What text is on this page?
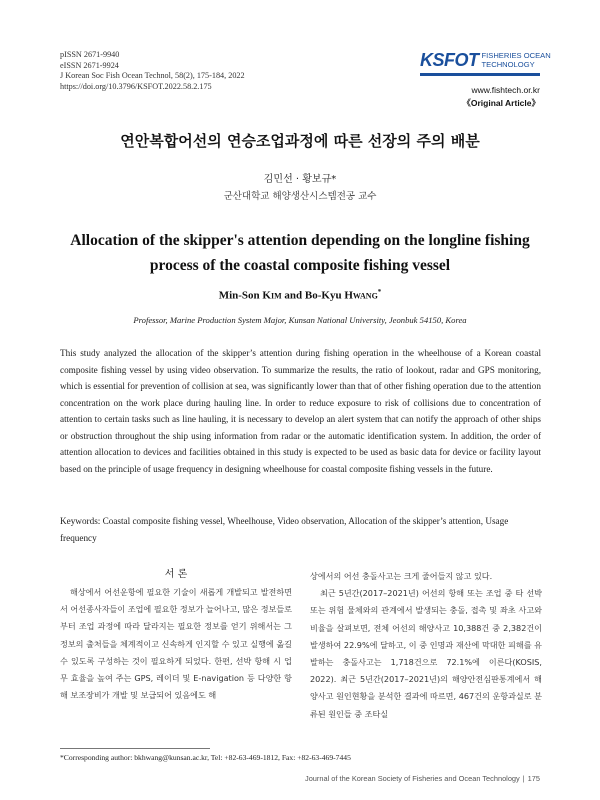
pISSN 2671-9940
eISSN 2671-9924
J Korean Soc Fish Ocean Technol, 58(2), 175-184, 2022
https://doi.org/10.3796/KSFOT.2022.58.2.175
KSFOT FISHERIES OCEAN
TECHNOLOGY
www.fishtech.or.kr
《Original Article》
연안복합어선의 연승조업과정에 따른 선장의 주의 배분
김민선 · 황보규*
군산대학교 해양생산시스템전공 교수
Allocation of the skipper's attention depending on the longline fishing
process of the coastal composite fishing vessel
Min-Son Kim and Bo-Kyu Hwang*
Professor, Marine Production System Major, Kunsan National University, Jeonbuk 54150, Korea
This study analyzed the allocation of the skipper’s attention during fishing operation in the wheelhouse of a Korean coastal composite fishing vessel by using video observation. To summarize the results, the ratio of lookout, radar and GPS monitoring, which is essential for prevention of collision at sea, was significantly lower than that of other fishing operation due to the attention concentration on the work place during hauling line. In order to reduce exposure to risk of collisions due to concentration of attention to certain tasks such as line hauling, it is necessary to develop an alert system that can notify the approach of other ships or obstruction throughout the ship using information from radar or the automatic identification system. In addition, the order of attention allocation to devices and facilities obtained in this study is expected to be used as basic data for device or facility layout based on the principle of usage frequency in designing wheelhouse for coastal composite fishing vessels in the future.
Keywords: Coastal composite fishing vessel, Wheelhouse, Video observation, Allocation of the skipper’s attention, Usage frequency
서 론

해상에서 어선운항에 필요한 기술이 새롭게 개발되고 발전하면서 어선종사자들이 조업에 필요한 정보가 늘어나고, 많은 정보들로부터 조업 과정에 따라 달라지는 필요한 정보를 얻기 위해서는 그 정보의 출처들을 체계적이고 신속하게 인지할 수 있고 실행에 옮길 수 있도록 구성하는 것이 필요하게 되었다. 한편, 선박 항해 시 업무 효율을 높여 주는 GPS, 레이더 및 E-navigation 등 다양한 항해 보조장비가 개발 및 보급되어 있음에도 해

상에서의 어선 충돌사고는 크게 줄어들지 않고 있다.

최근 5년간(2017–2021년) 어선의 항해 또는 조업 중 타 선박 또는 위험 물체와의 관계에서 발생되는 충돌, 접촉 및 좌초 사고와 비율을 살펴보면, 전체 어선의 해양사고 10,388건 중 2,382건이 발생하여 22.9%에 달하고, 이 중 인명과 재산에 막대한 피해를 유발하는 충돌사고는 1,718건으로 72.1%에 이른다(KOSIS, 2022). 최근 5년간(2017–2021년)의 해양안전심판통계에서 해양사고 원인현황을 분석한 결과에 따르면, 467건의 운항과실로 분류된 원인들 중 조타실

*Corresponding author: bkhwang@kunsan.ac.kr, Tel: +82-63-469-1812, Fax: +82-63-469-7445
Journal of the Korean Society of Fisheries and Ocean Technology | 175
